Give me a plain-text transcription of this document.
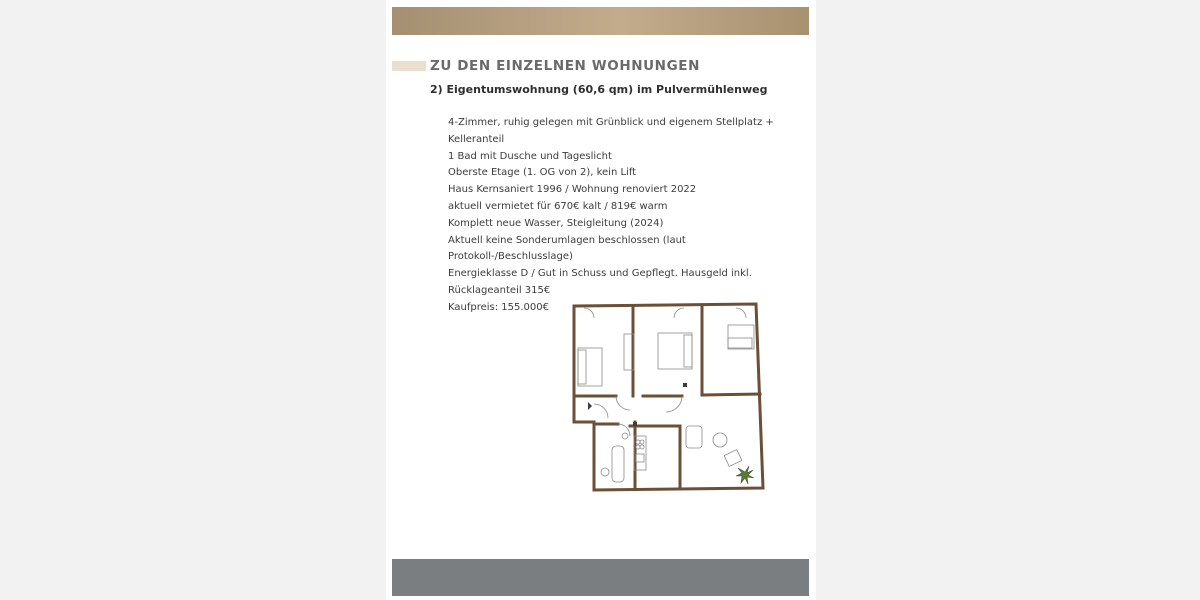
ZU DEN EINZELNEN WOHNUNGEN
2) Eigentumswohnung (60,6 qm) im Pulvermühlenweg
4-Zimmer, ruhig gelegen mit Grünblick und eigenem Stellplatz + Kelleranteil
1 Bad mit Dusche und Tageslicht
Oberste Etage (1. OG von 2), kein Lift
Haus Kernsaniert 1996 / Wohnung renoviert 2022
aktuell vermietet für 670€ kalt / 819€ warm
Komplett neue Wasser, Steigleitung (2024)
Aktuell keine Sonderumlagen beschlossen (laut Protokoll-/Beschlusslage)
Energieklasse D / Gut in Schuss und Gepflegt. Hausgeld inkl. Rücklageanteil 315€
Kaufpreis: 155.000€
